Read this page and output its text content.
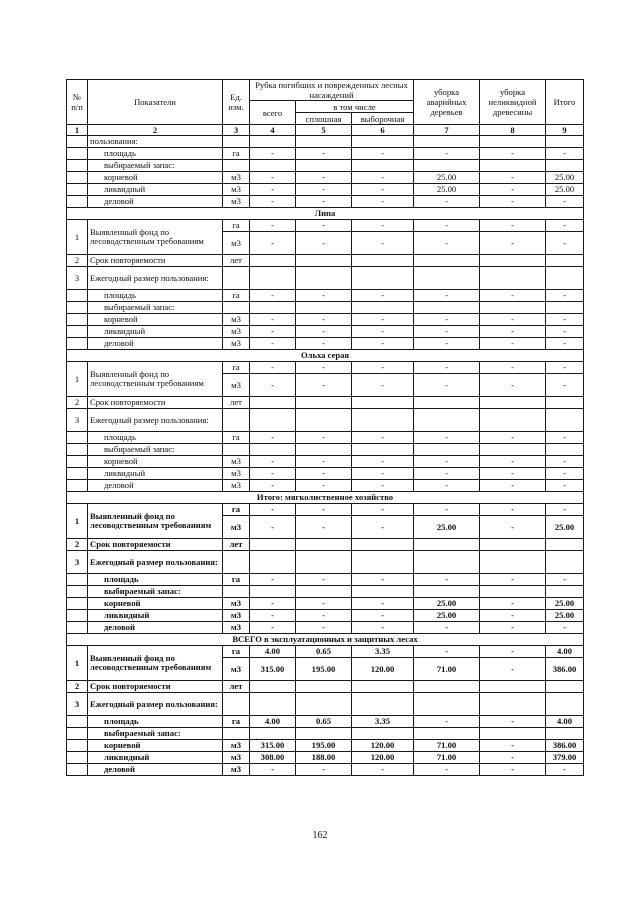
№ п/п	Показатели	Ед. изм.	Рубка погибших и поврежденных лесных насаждений			уборка аварийных деревьев	уборка неликвидной древесины	Итого
			всего	в том числе				
				сплошная	выборочная			
1	2	3	4	5	6	7	8	9
	пользования:							
	площадь	га	-	-	-	-	-	-
	выбираемый запас:							
	корневой	м3	-	-	-	25.00	-	25.00
	ликвидный	м3	-	-	-	25.00	-	25.00
	деловой	м3	-	-	-	-	-	-
Липа								
1	Выявленный фонд по лесоводственным требованиям	га	-	-	-	-	-	-
		м3	-	-	-	-	-	-
2	Срок повторяемости	лет						
3	Ежегодный размер пользования:							
	площадь	га	-	-	-	-	-	-
	выбираемый запас:							
	корневой	м3	-	-	-	-	-	-
	ликвидный	м3	-	-	-	-	-	-
	деловой	м3	-	-	-	-	-	-
Ольха серая								
1	Выявленный фонд по лесоводственным требованиям	га	-	-	-	-	-	-
		м3	-	-	-	-	-	-
2	Срок повторяемости	лет						
3	Ежегодный размер пользования:							
	площадь	га	-	-	-	-	-	-
	выбираемый запас:							
	корневой	м3	-	-	-	-	-	-
	ликвидный	м3	-	-	-	-	-	-
	деловой	м3	-	-	-	-	-	-
Итого: мягколиственное хозяйство								
1	Выявленный фонд по лесоводственным требованиям	га	-	-	-	-	-	-
		м3	-	-	-	25.00	-	25.00
2	Срок повторяемости	лет						
3	Ежегодный размер пользования:							
	площадь	га	-	-	-	-	-	-
	выбираемый запас:							
	корневой	м3	-	-	-	25.00	-	25.00
	ликвидный	м3	-	-	-	25.00	-	25.00
	деловой	м3	-	-	-	-	-	-
ВСЕГО в эксплуатационных и защитных лесах								
1	Выявленный фонд по лесоводственным требованиям	га	4.00	0.65	3.35	-	-	4.00
		м3	315.00	195.00	120.00	71.00	-	386.00
2	Срок повторяемости	лет						
3	Ежегодный размер пользования:							
	площадь	га	4.00	0.65	3.35	-	-	4.00
	выбираемый запас:							
	корневой	м3	315.00	195.00	120.00	71.00	-	386.00
	ликвидный	м3	308.00	188.00	120.00	71.00	-	379.00
	деловой	м3	-	-	-	-	-	-
162
